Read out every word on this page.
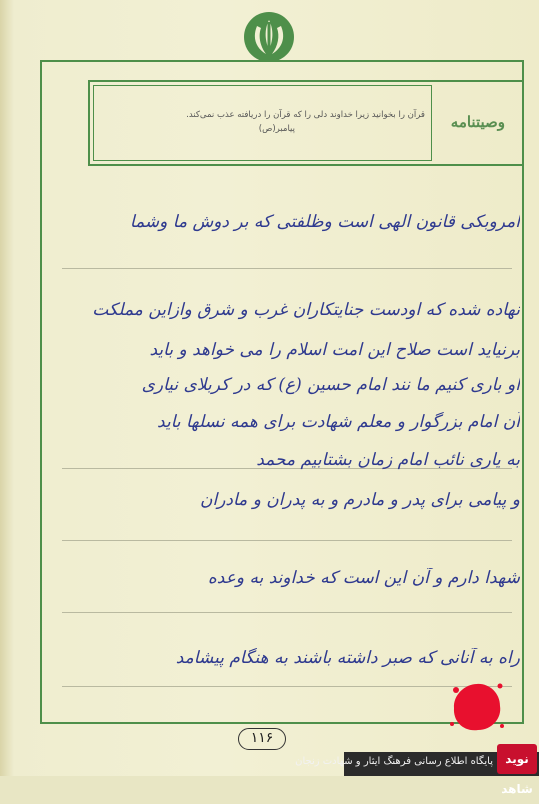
قرآن را بخوانید زیرا خداوند دلی را که قرآن را دریافته عذب نمی‌کند.
پیامبر(ص)	وصیتنامه
امروبکی قانون الهی است وظلفتی که بر دوش ما وشما
نهاده شده که اودست جنایتکاران غرب و شرق وازاین مملکت
برنیاید است صلاح این امت اسلام را می خواهد و باید
او باری کنیم ما نند امام حسین (ع) که در کربلای نیاری
آن امام بزرگوار و معلم شهادت برای همه نسلها باید
به یاری نائب امام زمان بشتابیم محمد
و پیامی برای پدر و مادرم و به پدران و مادران
شهدا دارم و آن این است که خداوند به وعده
راه به آنانی که صبر داشته باشند به هنگام پیشامد
۱۱۶
پایگاه اطلاع رسانی فرهنگ ایثار و شهادت زنجان	نوید شاهد
